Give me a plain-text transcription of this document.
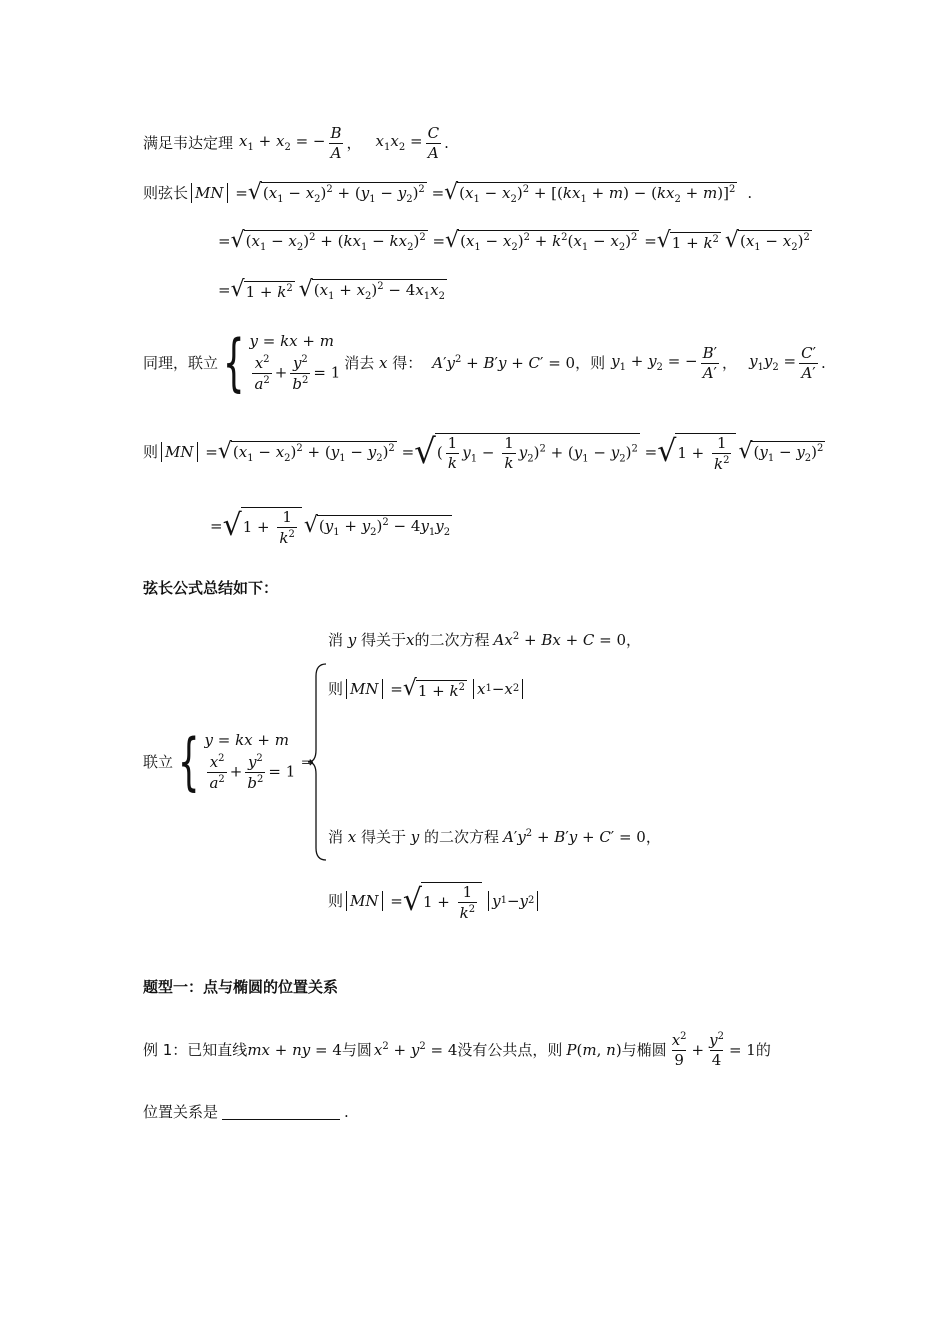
满足韦达定理 $x_1 + x_2$ = − $\frac{B}{A}$ ， $x_1x_2 = \frac{C}{A}$ .
则弦长 MN = √ $(x_1 - x_2)^2 + (y_1 - y_2)^2$ = √ $(x_1 - x_2)^2 + [(kx_1 + m) - (kx_2 + m)]^2$ .
= √ $(x_1 - x_2)^2 + (kx_1 - kx_2)^2$ = √ $(x_1 - x_2)^2 + k^2(x_1 - x_2)^2$ = √ $1 + k^2$ √ $(x_1 - x_2)^2$
= √ $1 + k^2$ √ $(x_1 + x_2)^2 - 4x_1x_2$
同理，联立 { y = kx + m
$\frac{x^2}{a^2} + \frac{y^2}{b^2} = 1$
消去 x 得： $A'y^2 + B'y + C' = 0$ ，则 $y_1 + y_2$ = − $\frac{B'}{A'}$ ， $y_1y_2 = \frac{C'}{A'}$ .
则 MN = √ $(x_1 - x_2)^2 + (y_1 - y_2)^2$ = √ ( $\frac{1}{k} y_1 - \frac{1}{k} y_2)^2 + (y_1 - y_2)^2$ = √ $1 + \frac{1}{k^2}$ √ $(y_1 - y_2)^2$
= √ $1 + \frac{1}{k^2}$ √ $(y_1 + y_2)^2 - 4y_1y_2$
弦长公式总结如下：
消 y 得关于 x 的二次方程 $Ax^2 + Bx + C = 0$ ，
则 MN = √ $1 + k^2$ x 1 − x 2
联立 { y = kx + m
$\frac{x^2}{a^2} + \frac{y^2}{b^2} = 1$
⇒
消 x 得关于 y 的二次方程 $A'y^2 + B'y + C' = 0$ ，
则 MN = √ $1 + \frac{1}{k^2}$ y 1 − y 2
题型一：点与椭圆的位置关系
例 1：已知直线 mx + ny = 4 与圆 $x^2 + y^2 = 4$ 没有公共点，则 P(m, n) 与椭圆 $\frac{x^2}{9} + \frac{y^2}{4} = 1$ 的
位置关系是	.
